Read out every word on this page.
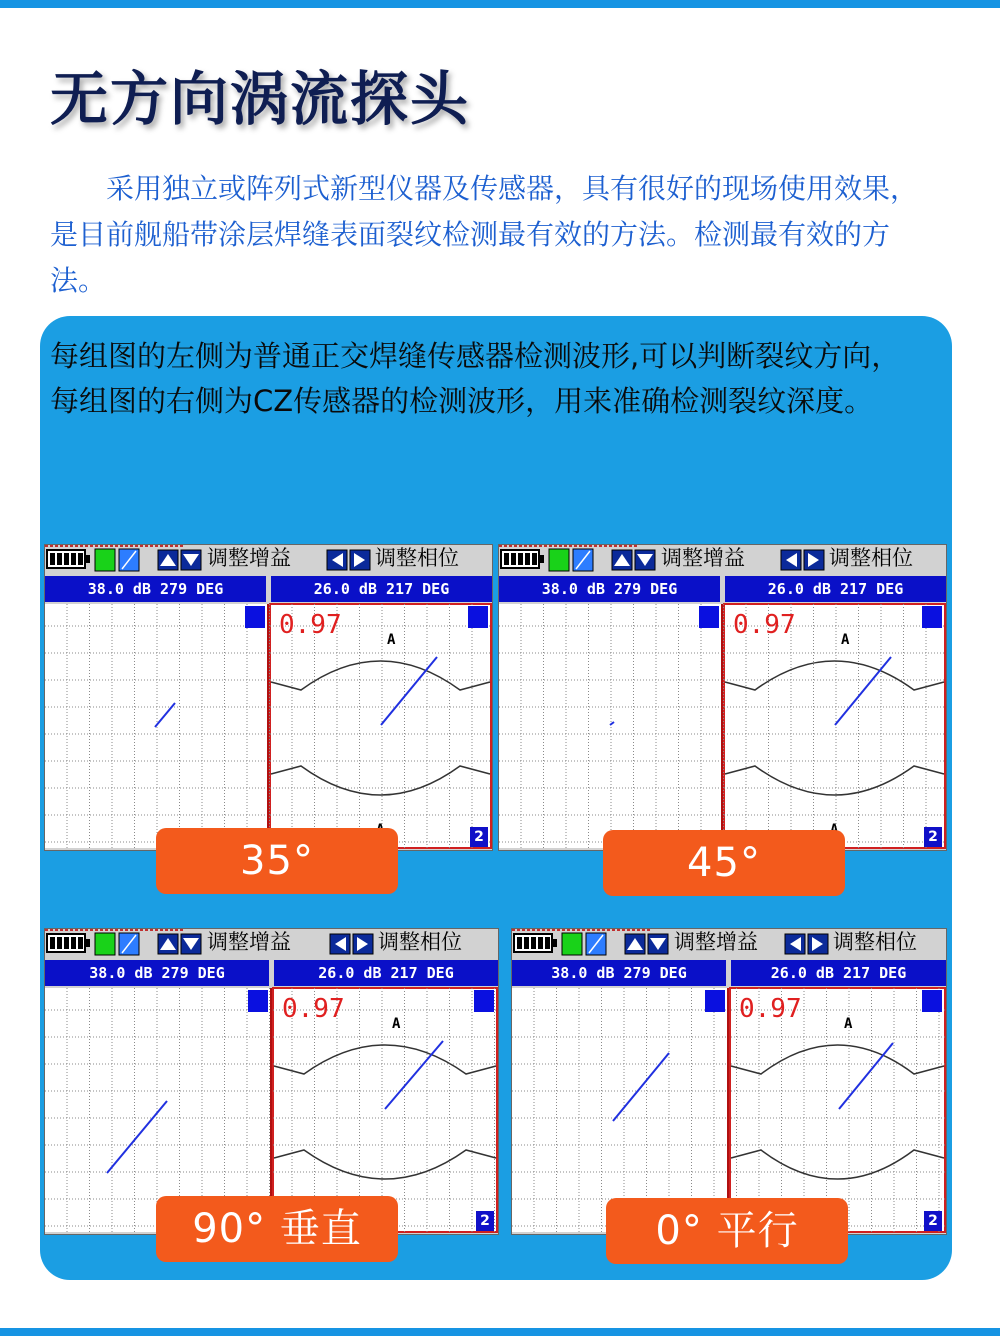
无方向涡流探头

采用独立或阵列式新型仪器及传感器，具有很好的现场使用效果，是目前舰船带涂层焊缝表面裂纹检测最有效的方法。检测最有效的方法。

每组图的左侧为普通正交焊缝传感器检测波形,可以判断裂纹方向，

每组图的右侧为CZ传感器的检测波形，用来准确检测裂纹深度。

A
调整增益	调整相位
38.0 dB 279 DEG	26.0 dB 217 DEG
0.97
2
35°
A
调整增益	调整相位
38.0 dB 279 DEG	26.0 dB 217 DEG
0.97
2
45°
A
调整增益	调整相位
38.0 dB 279 DEG	26.0 dB 217 DEG
0.97
2
90° 垂直
A
调整增益	调整相位
38.0 dB 279 DEG	26.0 dB 217 DEG
0.97
2
0° 平行
